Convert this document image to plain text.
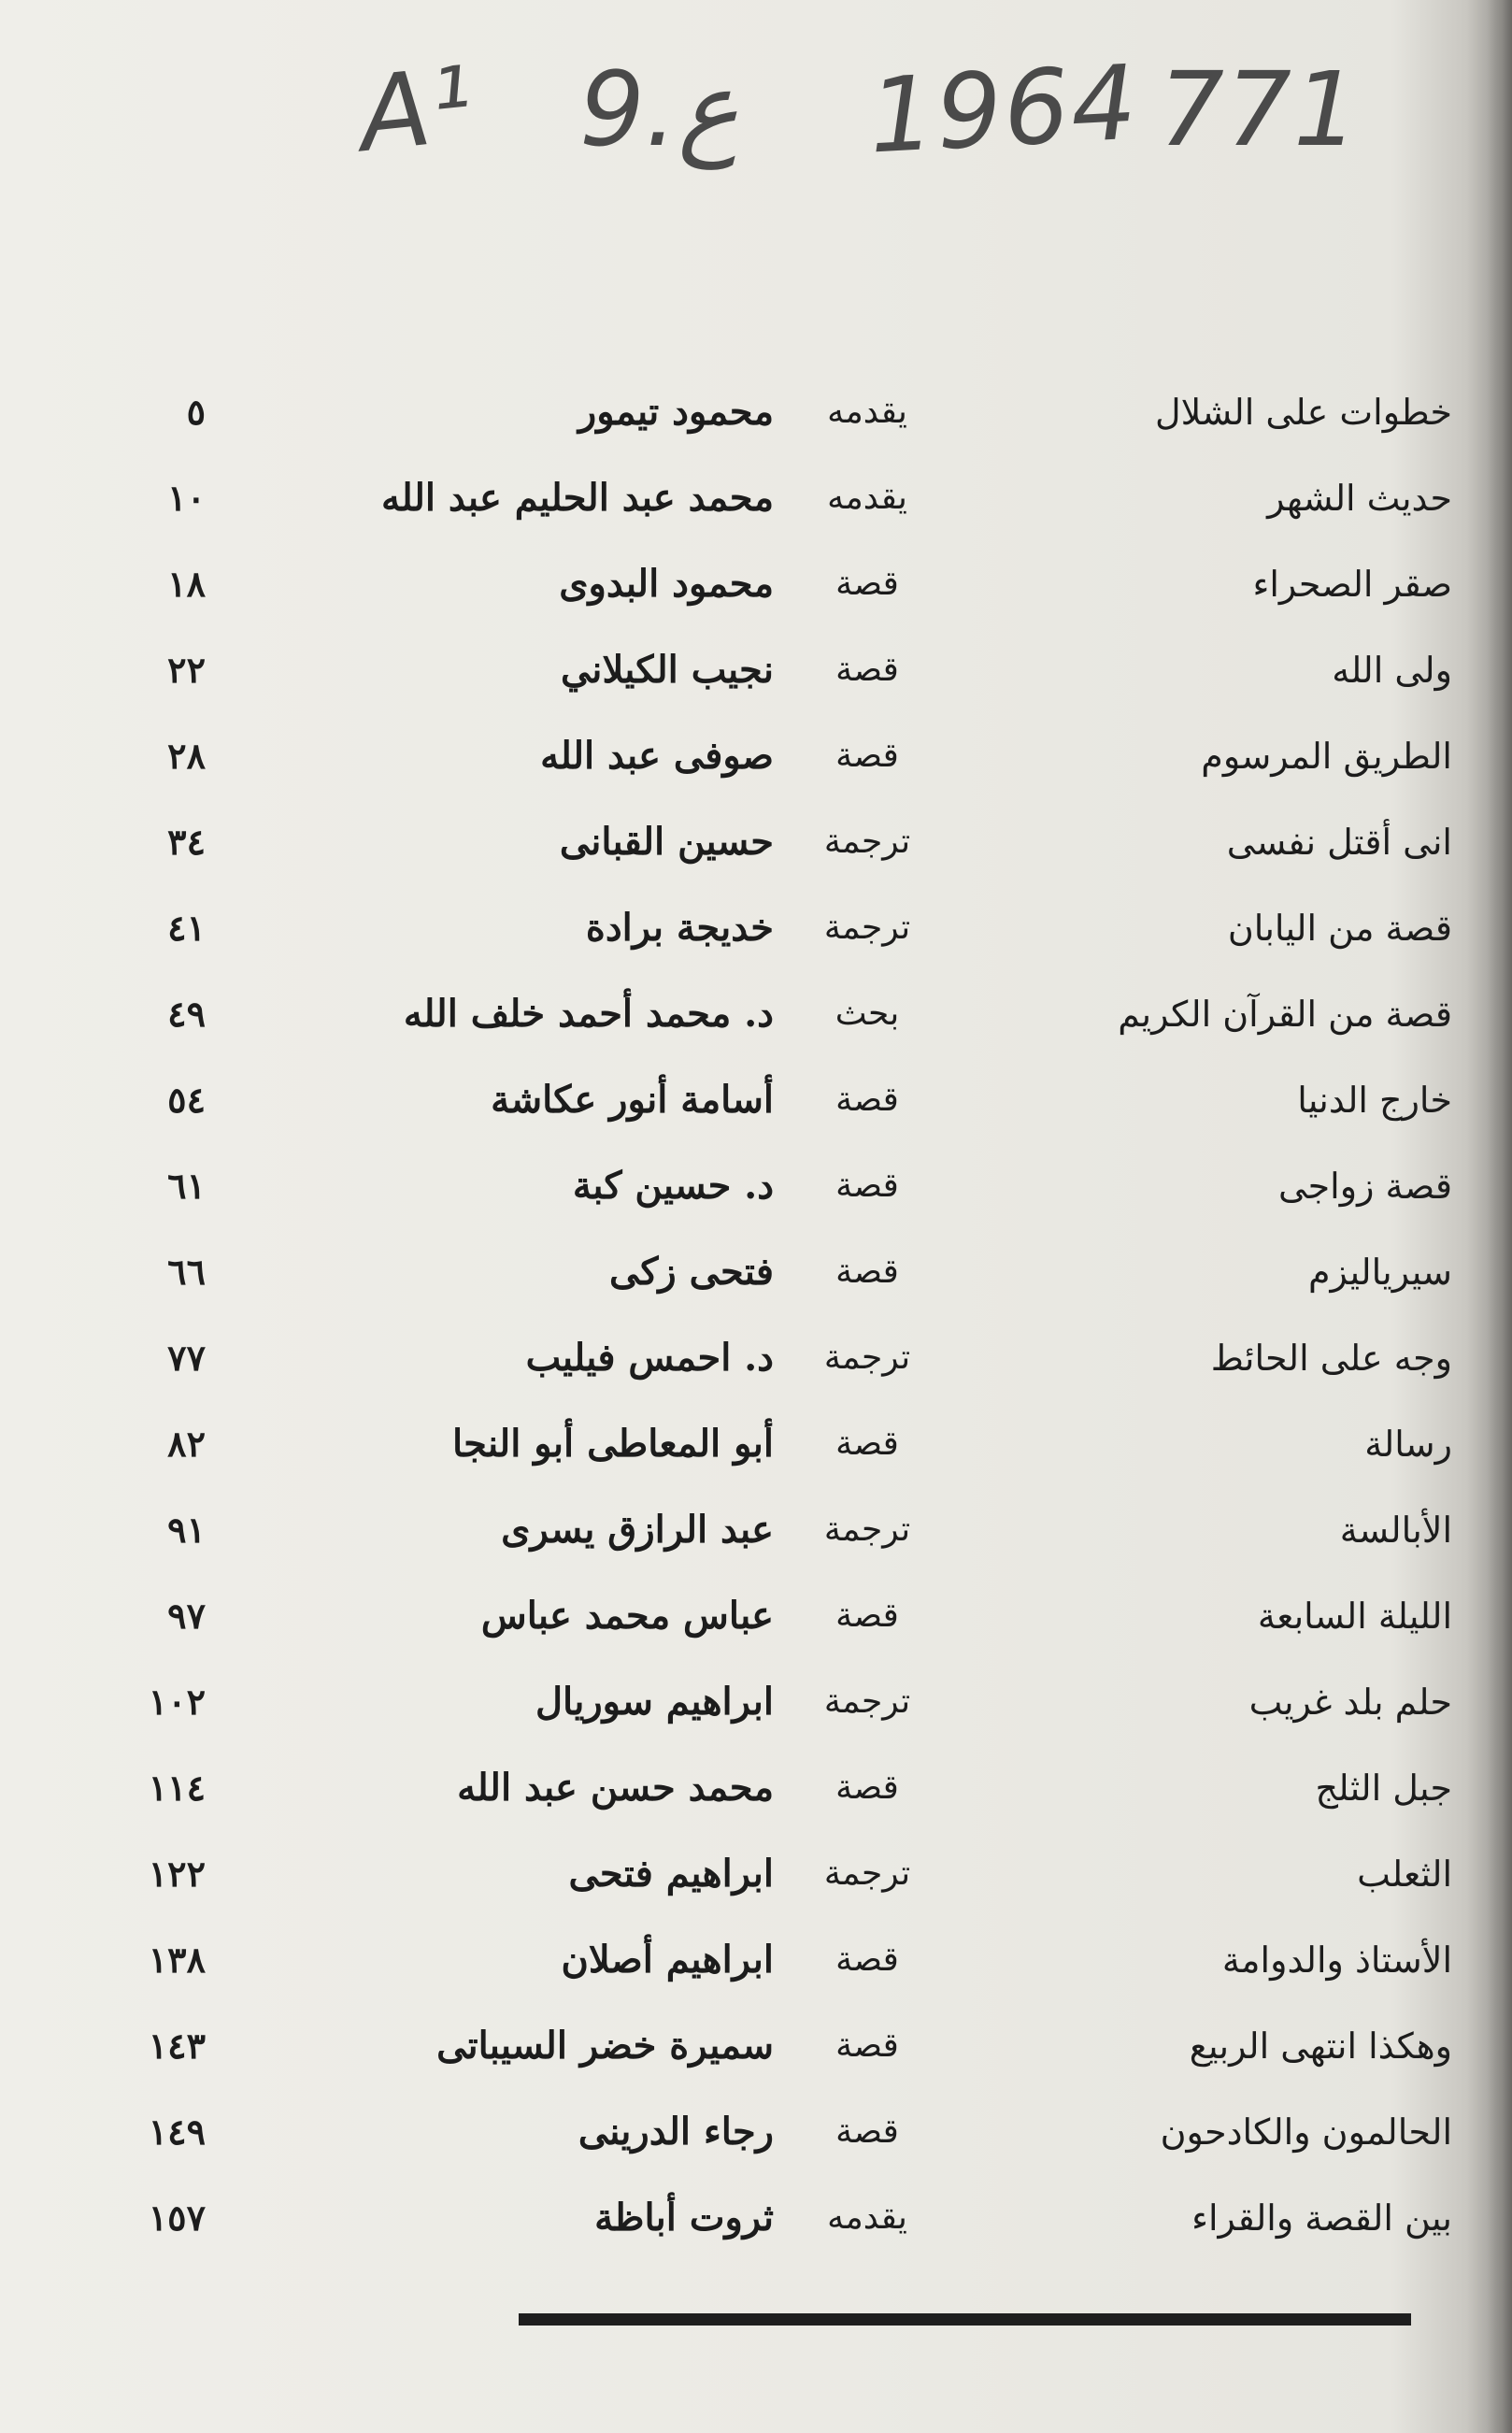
A¹ 9.ع 1964 771
خطوات على الشلال
يقدمه
محمود تيمور
٥
حديث الشهر
يقدمه
محمد عبد الحليم عبد الله
١٠
صقر الصحراء
قصة
محمود البدوى
١٨
ولى الله
قصة
نجيب الكيلاني
٢٢
الطريق المرسوم
قصة
صوفى عبد الله
٢٨
انى أقتل نفسى
ترجمة
حسين القبانى
٣٤
قصة من اليابان
ترجمة
خديجة برادة
٤١
قصة من القرآن الكريم
بحث
د. محمد أحمد خلف الله
٤٩
خارج الدنيا
قصة
أسامة أنور عكاشة
٥٤
قصة زواجى
قصة
د. حسين كبة
٦١
سيرياليزم
قصة
فتحى زكى
٦٦
وجه على الحائط
ترجمة
د. احمس فيليب
٧٧
رسالة
قصة
أبو المعاطى أبو النجا
٨٢
الأبالسة
ترجمة
عبد الرازق يسرى
٩١
الليلة السابعة
قصة
عباس محمد عباس
٩٧
حلم بلد غريب
ترجمة
ابراهيم سوريال
١٠٢
جبل الثلج
قصة
محمد حسن عبد الله
١١٤
الثعلب
ترجمة
ابراهيم فتحى
١٢٢
الأستاذ والدوامة
قصة
ابراهيم أصلان
١٣٨
وهكذا انتهى الربيع
قصة
سميرة خضر السيباتى
١٤٣
الحالمون والكادحون
قصة
رجاء الدرينى
١٤٩
بين القصة والقراء
يقدمه
ثروت أباظة
١٥٧
